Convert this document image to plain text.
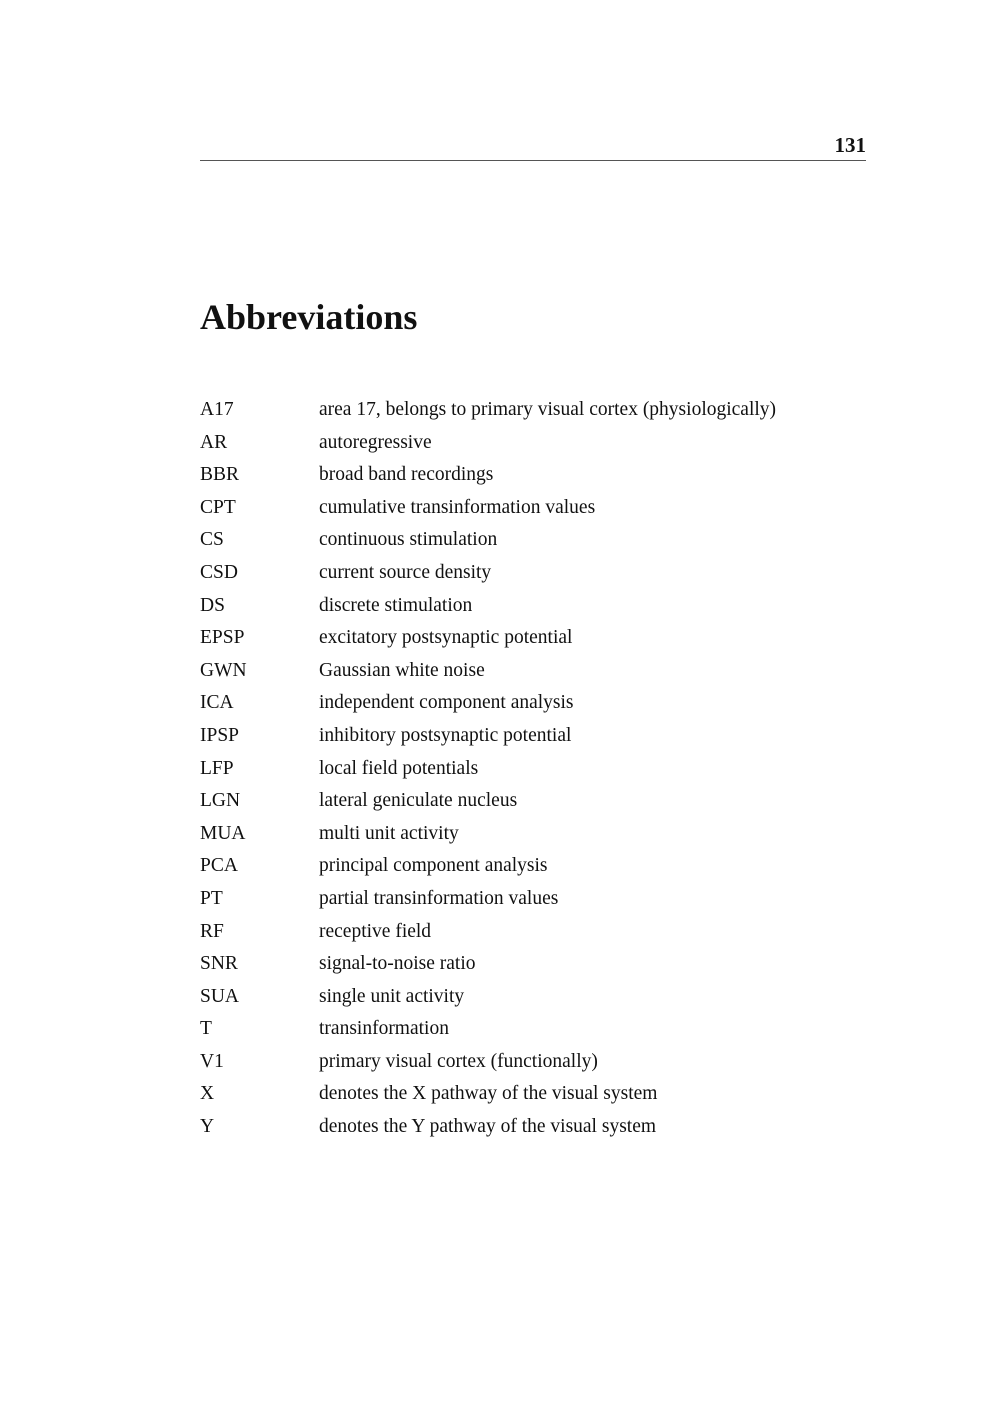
131
Abbreviations
A17	area 17, belongs to primary visual cortex (physiologically)
AR	autoregressive
BBR	broad band recordings
CPT	cumulative transinformation values
CS	continuous stimulation
CSD	current source density
DS	discrete stimulation
EPSP	excitatory postsynaptic potential
GWN	Gaussian white noise
ICA	independent component analysis
IPSP	inhibitory postsynaptic potential
LFP	local field potentials
LGN	lateral geniculate nucleus
MUA	multi unit activity
PCA	principal component analysis
PT	partial transinformation values
RF	receptive field
SNR	signal-to-noise ratio
SUA	single unit activity
T	transinformation
V1	primary visual cortex (functionally)
X	denotes the X pathway of the visual system
Y	denotes the Y pathway of the visual system
